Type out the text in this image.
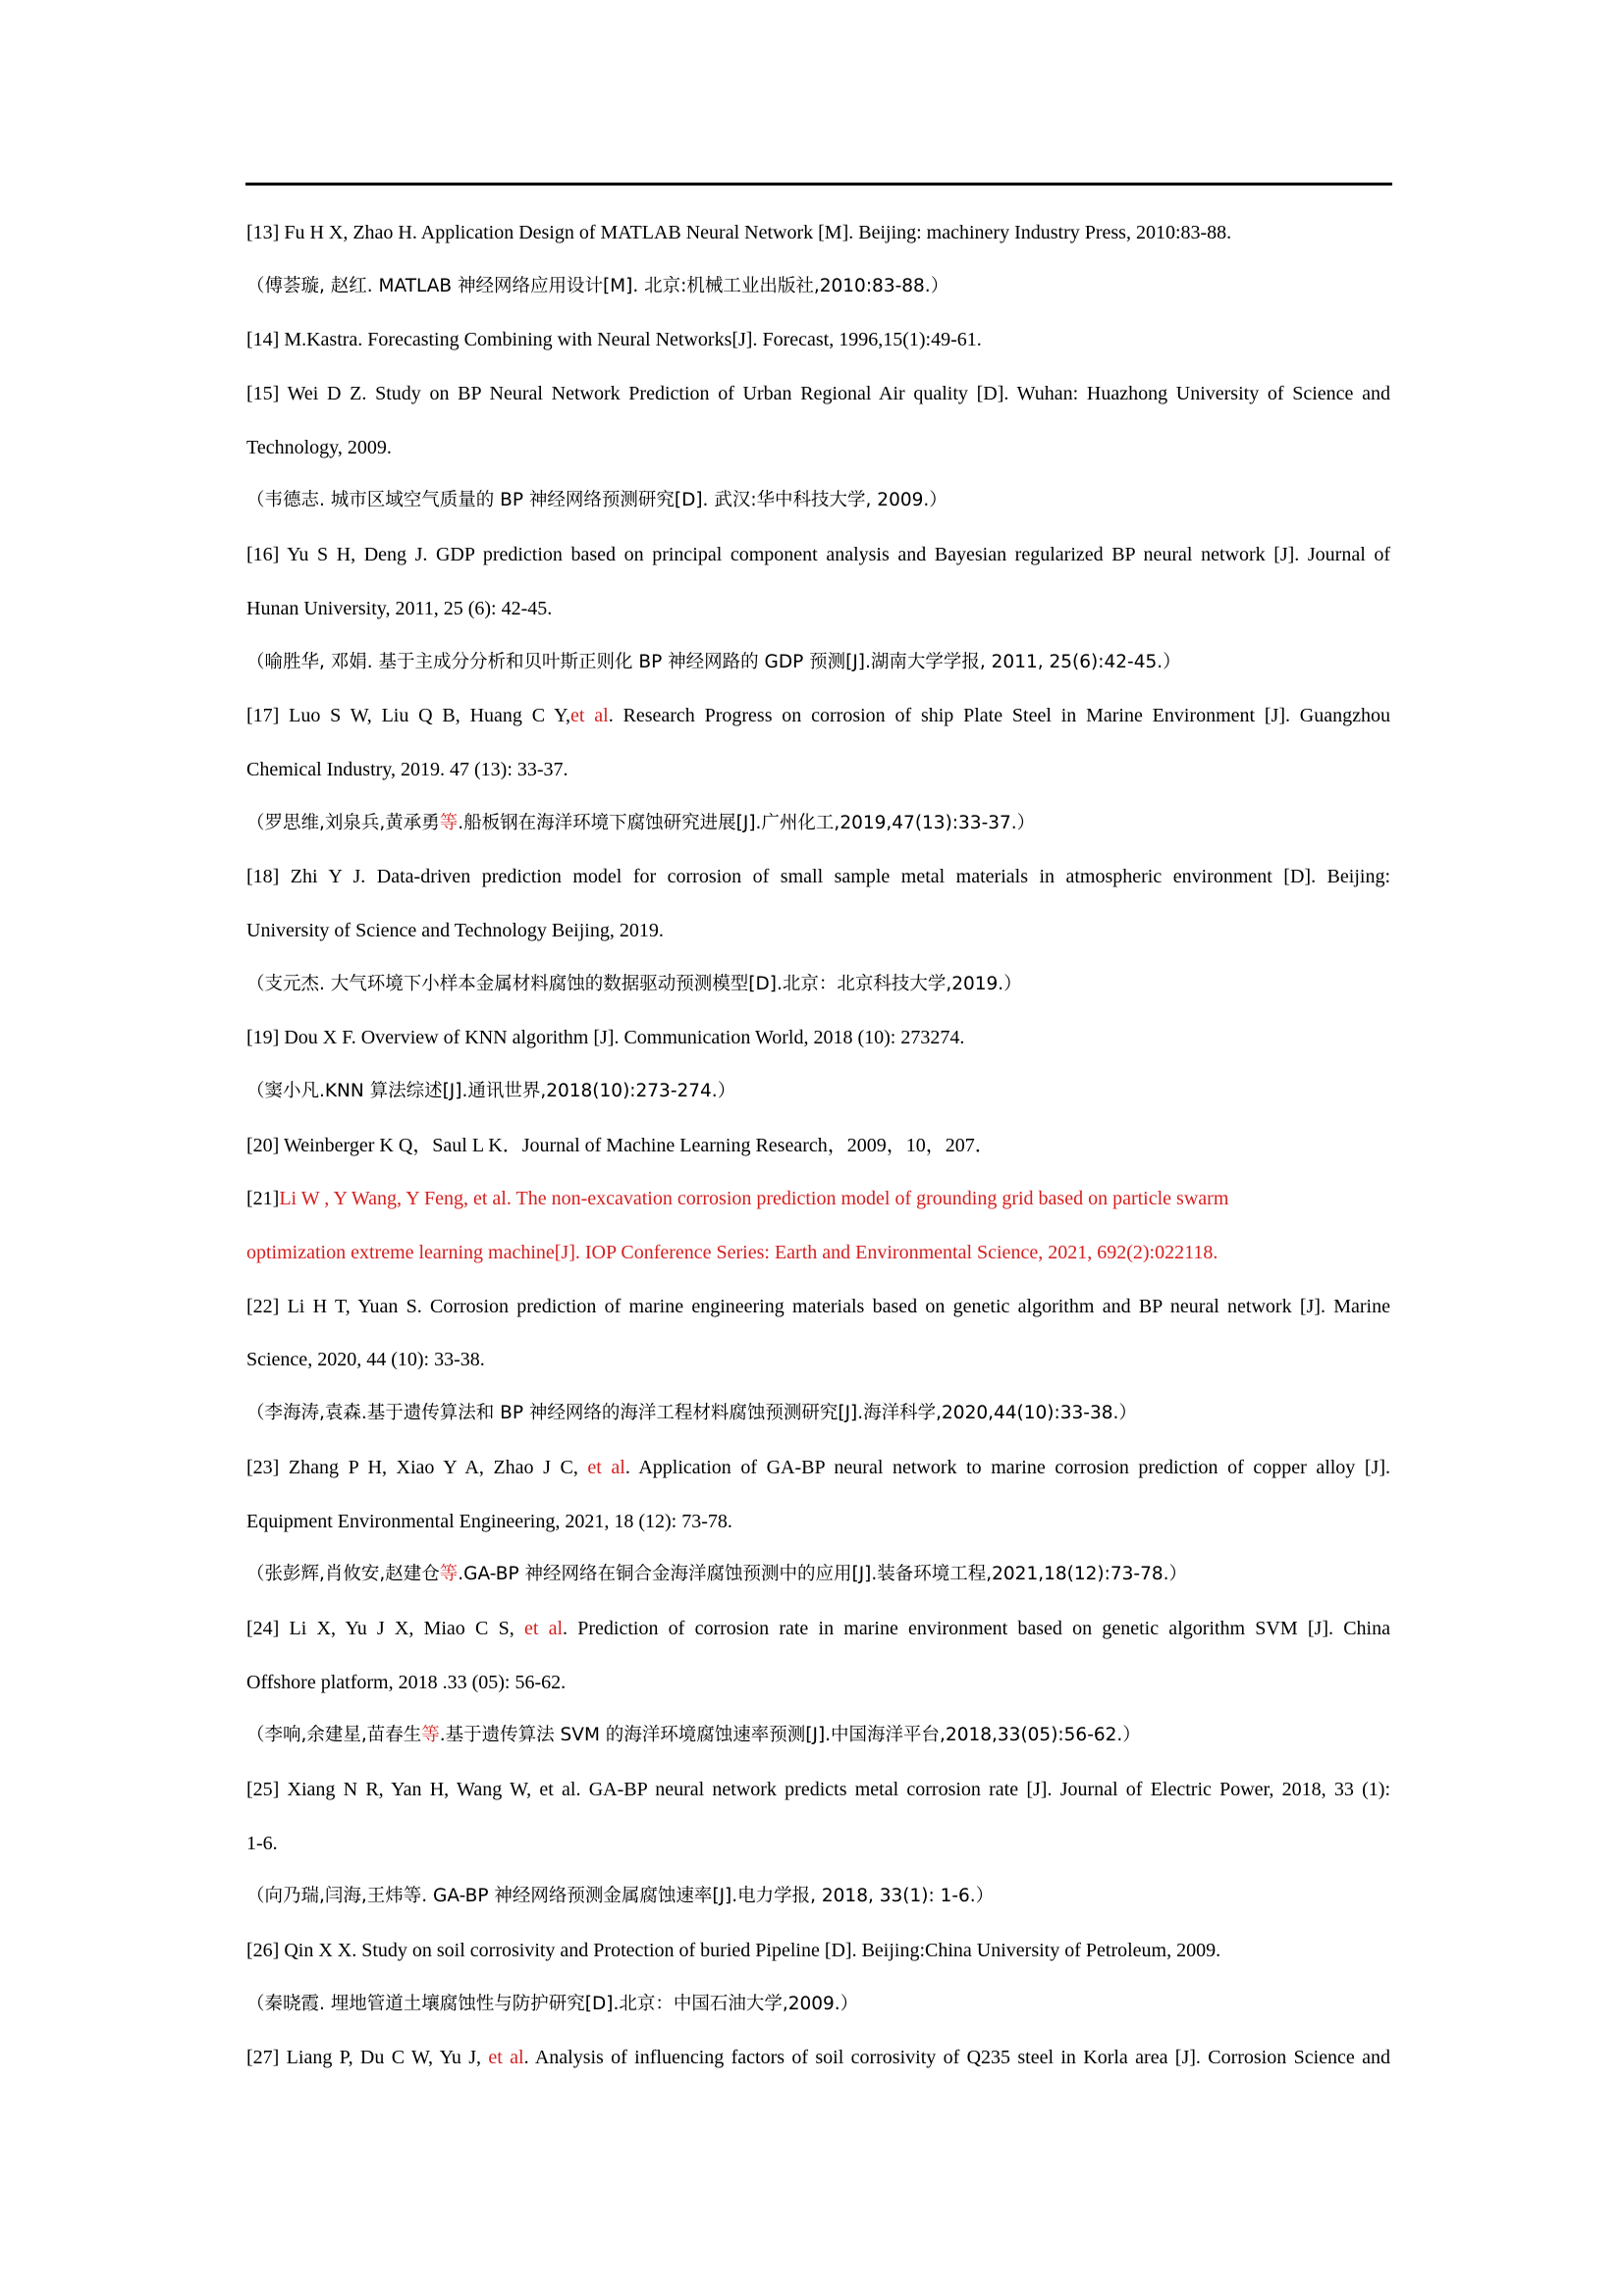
[13] Fu H X, Zhao H. Application Design of MATLAB Neural Network [M]. Beijing: machinery Industry Press, 2010:83-88.
（傅荟璇, 赵红. MATLAB 神经网络应用设计[M]. 北京:机械工业出版社,2010:83-88.）
[14] M.Kastra. Forecasting Combining with Neural Networks[J]. Forecast, 1996,15(1):49-61.
[15] Wei D Z. Study on BP Neural Network Prediction of Urban Regional Air quality [D]. Wuhan: Huazhong University of Science and
Technology, 2009.
（韦德志. 城市区域空气质量的 BP 神经网络预测研究[D]. 武汉:华中科技大学, 2009.）
[16] Yu S H, Deng J. GDP prediction based on principal component analysis and Bayesian regularized BP neural network [J]. Journal of
Hunan University, 2011, 25 (6): 42-45.
（喻胜华, 邓娟. 基于主成分分析和贝叶斯正则化 BP 神经网路的 GDP 预测[J].湖南大学学报, 2011, 25(6):42-45.）
[17] Luo S W, Liu Q B, Huang C Y,et al. Research Progress on corrosion of ship Plate Steel in Marine Environment [J]. Guangzhou
Chemical Industry, 2019. 47 (13): 33-37.
（罗思维,刘泉兵,黄承勇等.船板钢在海洋环境下腐蚀研究进展[J].广州化工,2019,47(13):33-37.）
[18] Zhi Y J. Data-driven prediction model for corrosion of small sample metal materials in atmospheric environment [D]. Beijing:
University of Science and Technology Beijing, 2019.
（支元杰. 大气环境下小样本金属材料腐蚀的数据驱动预测模型[D].北京：北京科技大学,2019.）
[19] Dou X F. Overview of KNN algorithm [J]. Communication World, 2018 (10): 273274.
（窦小凡.KNN 算法综述[J].通讯世界,2018(10):273-274.）
[20] Weinberger K Q，Saul L K．Journal of Machine Learning Research，2009，10，207．
[21]Li W , Y Wang, Y Feng, et al. The non-excavation corrosion prediction model of grounding grid based on particle swarm
optimization extreme learning machine[J]. IOP Conference Series: Earth and Environmental Science, 2021, 692(2):022118.
[22] Li H T, Yuan S. Corrosion prediction of marine engineering materials based on genetic algorithm and BP neural network [J]. Marine
Science, 2020, 44 (10): 33-38.
（李海涛,袁森.基于遗传算法和 BP 神经网络的海洋工程材料腐蚀预测研究[J].海洋科学,2020,44(10):33-38.）
[23] Zhang P H, Xiao Y A, Zhao J C, et al. Application of GA-BP neural network to marine corrosion prediction of copper alloy [J].
Equipment Environmental Engineering, 2021, 18 (12): 73-78.
（张彭辉,肖攸安,赵建仓等.GA-BP 神经网络在铜合金海洋腐蚀预测中的应用[J].装备环境工程,2021,18(12):73-78.）
[24] Li X, Yu J X, Miao C S, et al. Prediction of corrosion rate in marine environment based on genetic algorithm SVM [J]. China
Offshore platform, 2018 .33 (05): 56-62.
（李响,余建星,苗春生等.基于遗传算法 SVM 的海洋环境腐蚀速率预测[J].中国海洋平台,2018,33(05):56-62.）
[25] Xiang N R, Yan H, Wang W, et al. GA-BP neural network predicts metal corrosion rate [J]. Journal of Electric Power, 2018, 33 (1):
1-6.
（向乃瑞,闫海,王炜等. GA-BP 神经网络预测金属腐蚀速率[J].电力学报, 2018, 33(1): 1-6.）
[26] Qin X X. Study on soil corrosivity and Protection of buried Pipeline [D]. Beijing:China University of Petroleum, 2009.
（秦晓霞. 埋地管道土壤腐蚀性与防护研究[D].北京：中国石油大学,2009.）
[27] Liang P, Du C W, Yu J, et al. Analysis of influencing factors of soil corrosivity of Q235 steel in Korla area [J]. Corrosion Science and
